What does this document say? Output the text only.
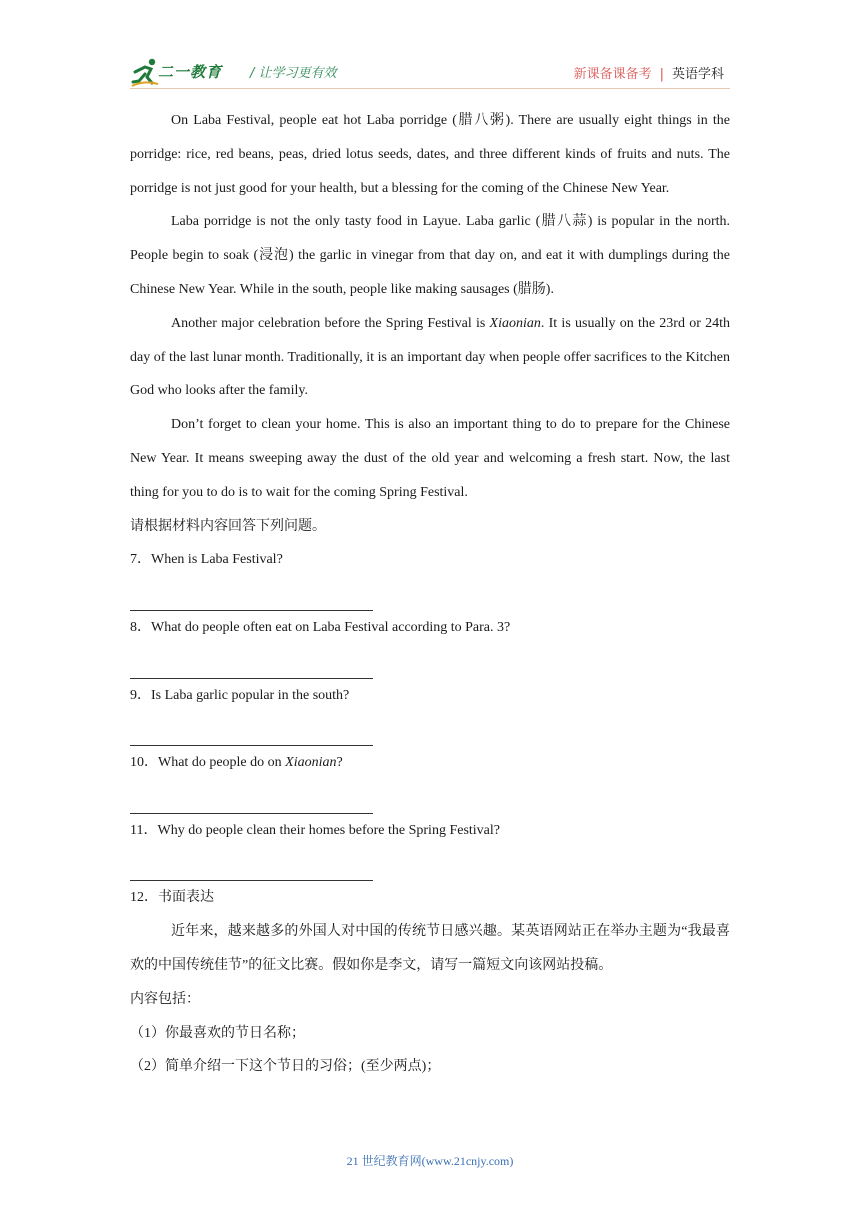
二一教育 / 让学习更有效	新课备课备考 | 英语学科

On Laba Festival, people eat hot Laba porridge (腊八粥). There are usually eight things in the porridge: rice, red beans, peas, dried lotus seeds, dates, and three different kinds of fruits and nuts. The porridge is not just good for your health, but a blessing for the coming of the Chinese New Year.

Laba porridge is not the only tasty food in Layue. Laba garlic (腊八蒜) is popular in the north. People begin to soak (浸泡) the garlic in vinegar from that day on, and eat it with dumplings during the Chinese New Year. While in the south, people like making sausages (腊肠).

Another major celebration before the Spring Festival is Xiaonian. It is usually on the 23rd or 24th day of the last lunar month. Traditionally, it is an important day when people offer sacrifices to the Kitchen God who looks after the family.

Don’t forget to clean your home. This is also an important thing to do to prepare for the Chinese New Year. It means sweeping away the dust of the old year and welcoming a fresh start. Now, the last thing for you to do is to wait for the coming Spring Festival.

请根据材料内容回答下列问题。

7．When is Laba Festival?

8．What do people often eat on Laba Festival according to Para. 3?

9．Is Laba garlic popular in the south?

10．What do people do on Xiaonian?

11．Why do people clean their homes before the Spring Festival?

12．书面表达

近年来，越来越多的外国人对中国的传统节日感兴趣。某英语网站正在举办主题为“我最喜欢的中国传统佳节”的征文比赛。假如你是李文，请写一篇短文向该网站投稿。

内容包括：

（1）你最喜欢的节日名称；

（2）简单介绍一下这个节日的习俗；(至少两点)；

21 世纪教育网(www.21cnjy.com)
